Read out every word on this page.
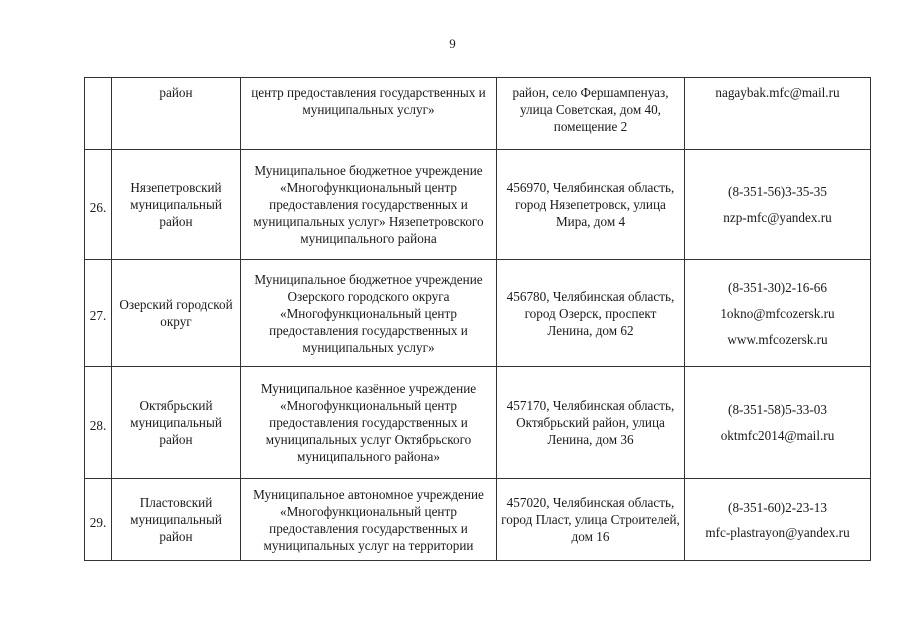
9
	район	центр предоставления государственных и муниципальных услуг»	район, село Фершампенуаз, улица Советская, дом 40, помещение 2	nagaybak.mfc@mail.ru

26.	Нязепетровский муниципальный район	Муниципальное бюджетное учреждение «Многофункциональный центр предоставления государственных и муниципальных услуг» Нязепетровского муниципального района	456970, Челябинская область, город Нязепетровск, улица Мира, дом 4	(8-351-56)3-35-35
nzp-mfc@yandex.ru

27.	Озерский городской округ	Муниципальное бюджетное учреждение Озерского городского округа «Многофункциональный центр предоставления государственных и муниципальных услуг»	456780, Челябинская область, город Озерск, проспект Ленина, дом 62	(8-351-30)2-16-66
1okno@mfcozersk.ru
www.mfcozersk.ru

28.	Октябрьский муниципальный район	Муниципальное казённое учреждение «Многофункциональный центр предоставления государственных и муниципальных услуг Октябрьского муниципального района»	457170, Челябинская область, Октябрьский район, улица Ленина, дом 36	(8-351-58)5-33-03
oktmfc2014@mail.ru

29.	Пластовский муниципальный район	Муниципальное автономное учреждение «Многофункциональный центр предоставления государственных и муниципальных услуг на территории	457020, Челябинская область, город Пласт, улица Строителей, дом 16	(8-351-60)2-23-13
mfc-plastrayon@yandex.ru
